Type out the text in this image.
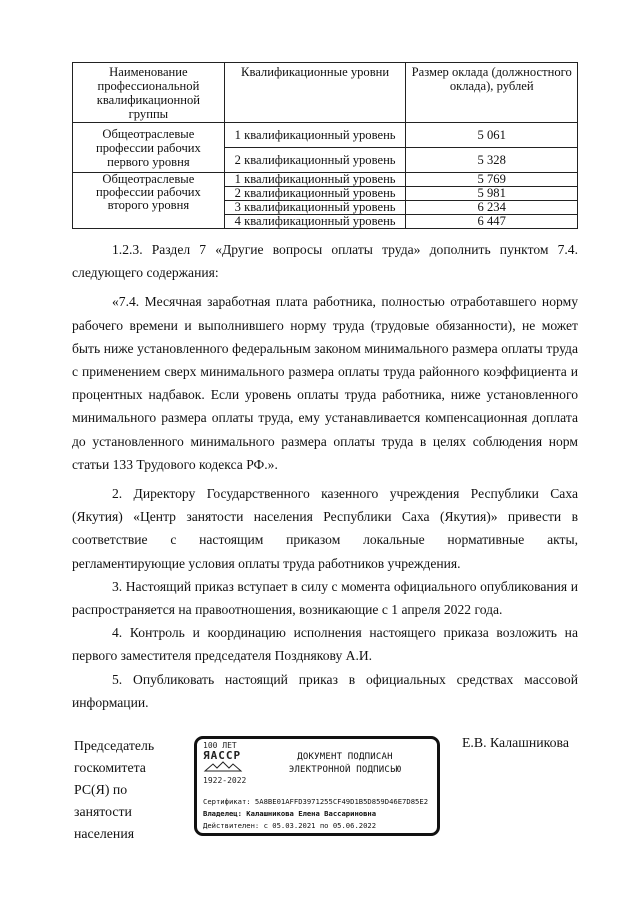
Наименование профессиональной квалификационной группы	Квалификационные уровни	Размер оклада (должностного оклада), рублей
Общеотраслевые профессии рабочих первого уровня	1 квалификационный уровень	5 061
	2 квалификационный уровень	5 328
Общеотраслевые профессии рабочих второго уровня	1 квалификационный уровень	5 769
	2 квалификационный уровень	5 981
	3 квалификационный уровень	6 234
	4 квалификационный уровень	6 447

1.2.3. Раздел 7 «Другие вопросы оплаты труда» дополнить пунктом 7.4. следующего содержания:

«7.4. Месячная заработная плата работника, полностью отработавшего норму рабочего времени и выполнившего норму труда (трудовые обязанности), не может быть ниже установленного федеральным законом минимального размера оплаты труда с применением сверх минимального размера оплаты труда районного коэффициента и процентных надбавок. Если уровень оплаты труда работника, ниже установленного минимального размера оплаты труда, ему устанавливается компенсационная доплата до установленного минимального размера оплаты труда в целях соблюдения норм статьи 133 Трудового кодекса РФ.».

2. Директору Государственного казенного учреждения Республики Саха (Якутия) «Центр занятости населения Республики Саха (Якутия)» привести в соответствие с настоящим приказом локальные нормативные акты, регламентирующие условия оплаты труда работников учреждения.

3. Настоящий приказ вступает в силу с момента официального опубликования и распространяется на правоотношения, возникающие с 1 апреля 2022 года.

4. Контроль и координацию исполнения настоящего приказа возложить на первого заместителя председателя Позднякову А.И.

5. Опубликовать настоящий приказ в официальных средствах массовой информации.

Председатель
госкомитета
РС(Я) по
занятости
населения
100 ЛЕТ
ЯАССР
1922-2022
ДОКУМЕНТ ПОДПИСАН
ЭЛЕКТРОННОЙ ПОДПИСЬЮ
Сертификат: 5A8BE01AFFD3971255CF49D1B5D859D46E7D85E2
Владелец: Калашникова Елена Вассариновна
Действителен: с 05.03.2021 по 05.06.2022
Е.В. Калашникова
